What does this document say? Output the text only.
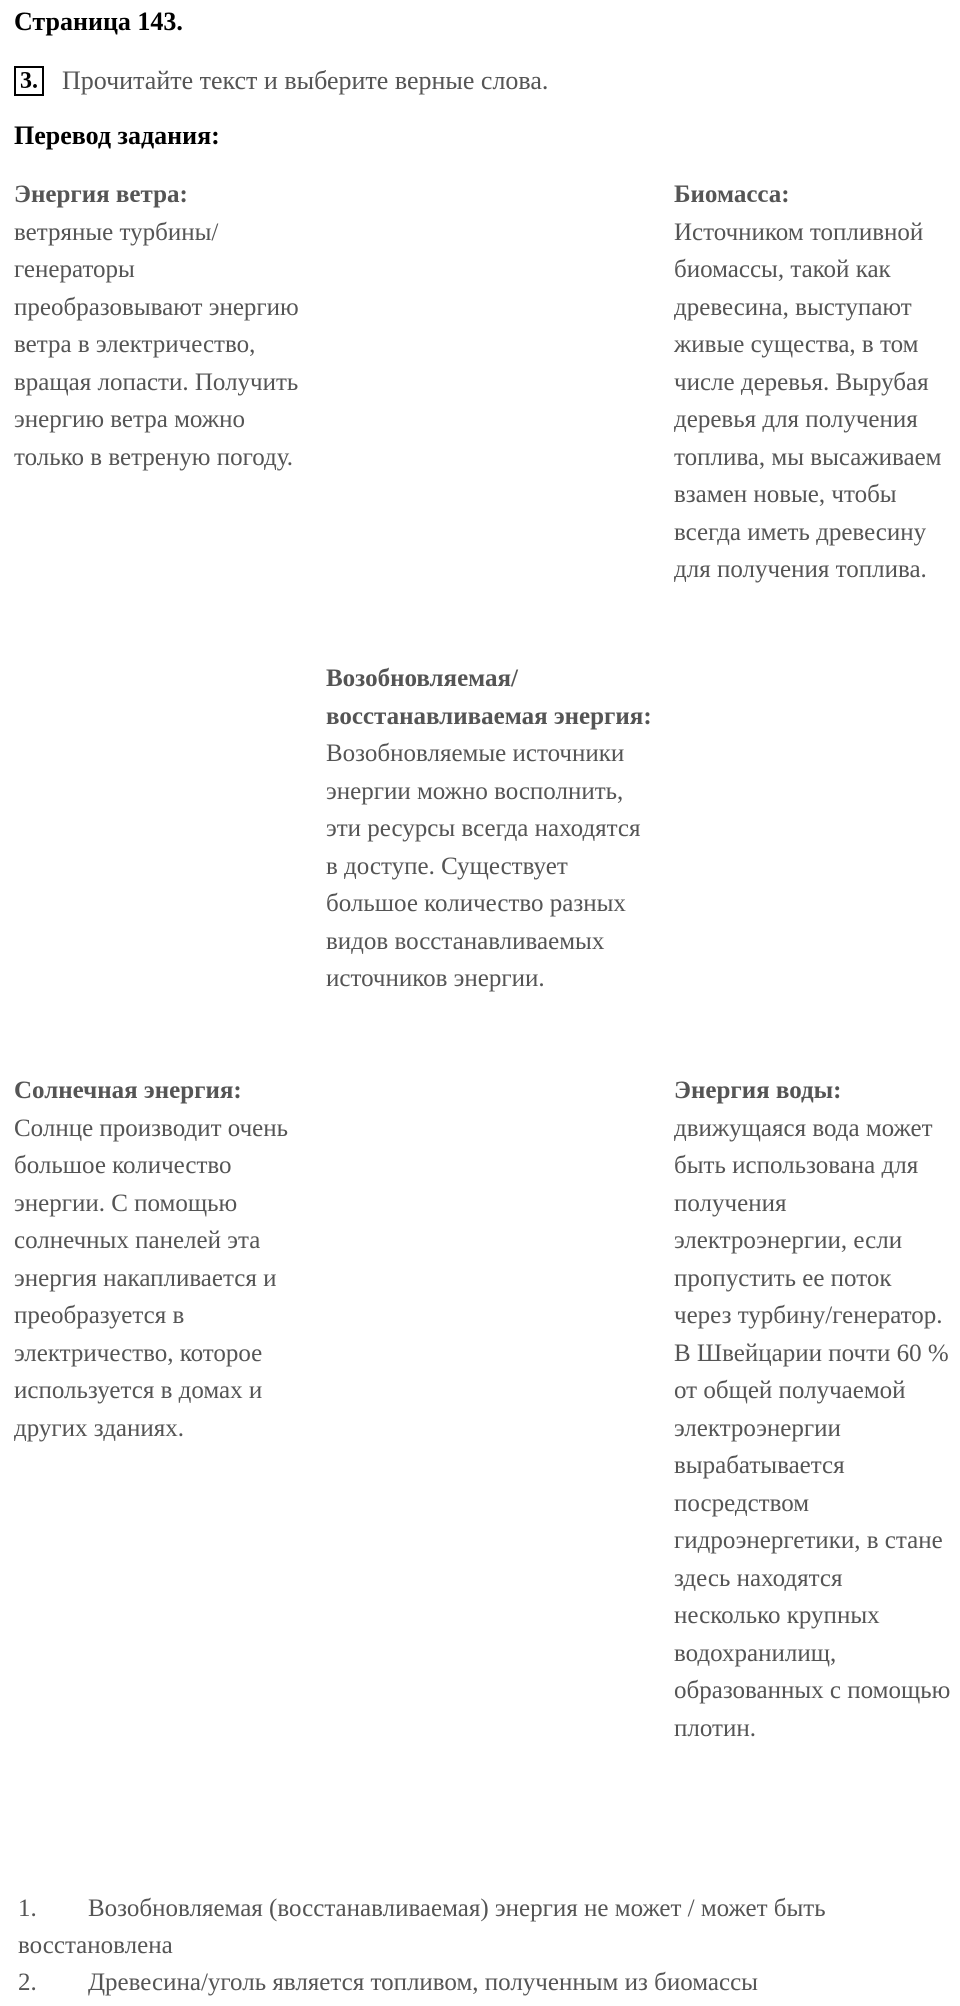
Страница 143.
3. Прочитайте текст и выберите верные слова.
Перевод задания:
Энергия ветра:
ветряные турбины/генераторы преобразовывают энергию ветра в электричество, вращая лопасти. Получить энергию ветра можно только в ветреную погоду.
Биомасса:
Источником топливной биомассы, такой как древесина, выступают живые существа, в том числе деревья. Вырубая деревья для получения топлива, мы высаживаем взамен новые, чтобы всегда иметь древесину для получения топлива.
Возобновляемая/восстанавливаемая энергия:
Возобновляемые источники энергии можно восполнить, эти ресурсы всегда находятся в доступе. Существует большое количество разных видов восстанавливаемых источников энергии.
Солнечная энергия:
Солнце производит очень большое количество энергии. С помощью солнечных панелей эта энергия накапливается и преобразуется в электричество, которое используется в домах и других зданиях.
Энергия воды:
движущаяся вода может быть использована для получения электроэнергии, если пропустить ее поток через турбину/генератор. В Швейцарии почти 60 % от общей получаемой электроэнергии вырабатывается посредством гидроэнергетики, в стане здесь находятся несколько крупных водохранилищ, образованных с помощью плотин.
1.	Возобновляемая (восстанавливаемая) энергия не может / может быть
восстановлена
2.	Древесина/уголь является топливом, полученным из биомассы
